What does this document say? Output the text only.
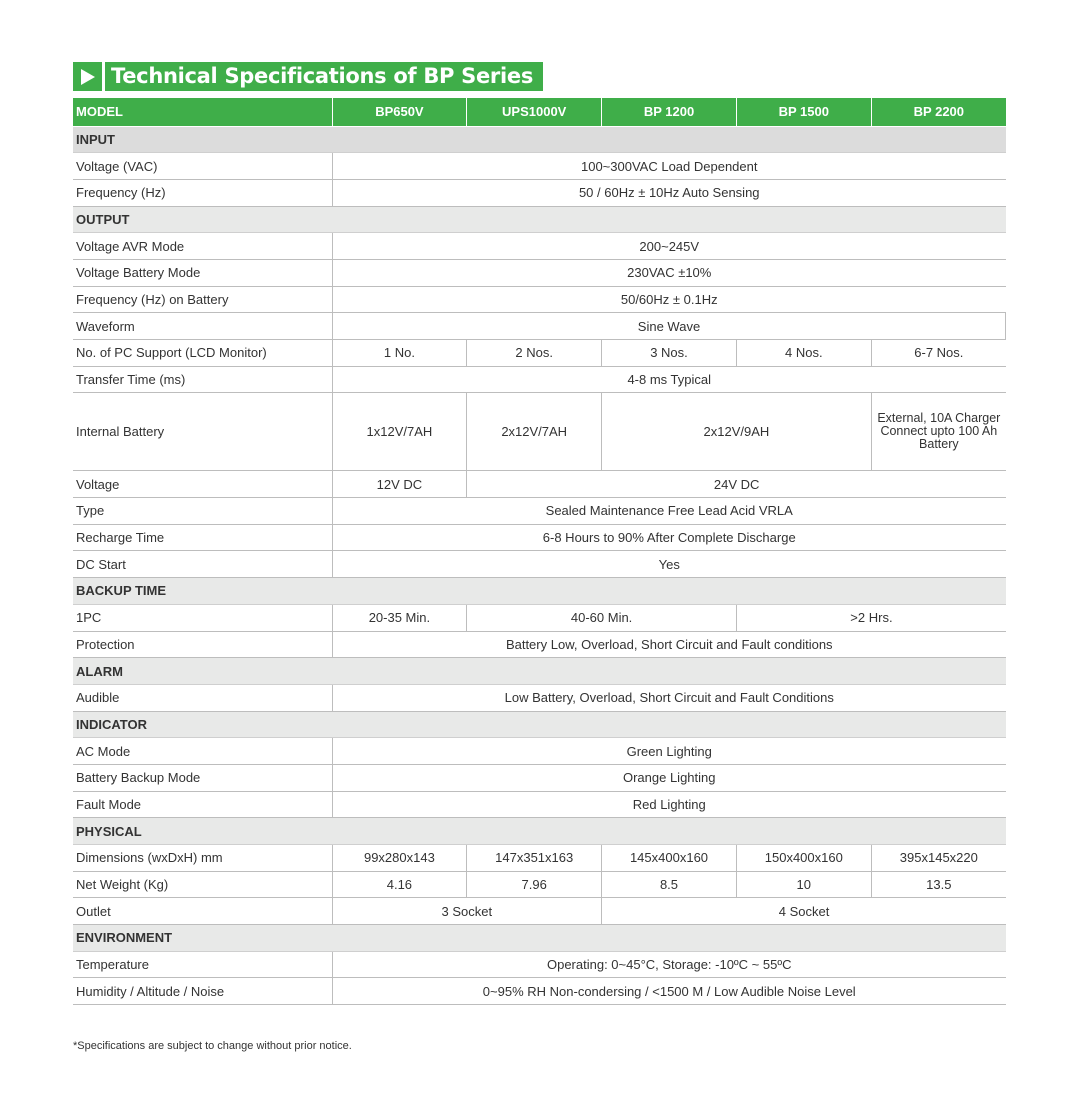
Technical Specifications of BP Series
MODEL	BP650V	UPS1000V	BP 1200	BP 1500	BP 2200
INPUT					
Voltage (VAC)	100~300VAC Load Dependent				
Frequency (Hz)	50 / 60Hz ± 10Hz Auto Sensing				
OUTPUT					
Voltage AVR Mode	200~245V				
Voltage Battery Mode	230VAC ±10%				
Frequency (Hz) on Battery	50/60Hz ± 0.1Hz				
Waveform	Sine Wave				
No. of PC Support (LCD Monitor)	1 No.	2 Nos.	3 Nos.	4 Nos.	6-7 Nos.
Transfer Time (ms)	4-8 ms Typical				
Internal Battery	1x12V/7AH	2x12V/7AH	2x12V/9AH		External, 10A Charger Connect upto 100 Ah Battery
Voltage	12V DC	24V DC			
Type	Sealed Maintenance Free Lead Acid VRLA				
Recharge Time	6-8 Hours to 90% After Complete Discharge				
DC Start	Yes				
BACKUP TIME					
1PC	20-35 Min.	40-60 Min.		>2 Hrs.	
Protection	Battery Low, Overload, Short Circuit and Fault conditions				
ALARM					
Audible	Low Battery, Overload, Short Circuit and Fault Conditions				
INDICATOR					
AC Mode	Green Lighting				
Battery Backup Mode	Orange Lighting				
Fault Mode	Red Lighting				
PHYSICAL					
Dimensions (wxDxH) mm	99x280x143	147x351x163	145x400x160	150x400x160	395x145x220
Net Weight (Kg)	4.16	7.96	8.5	10	13.5
Outlet	3 Socket		4 Socket		
ENVIRONMENT					
Temperature	Operating: 0~45°C, Storage: -10ºC ~ 55ºC				
Humidity / Altitude / Noise	0~95% RH Non-condersing / <1500 M / Low Audible Noise Level				
*Specifications are subject to change without prior notice.
